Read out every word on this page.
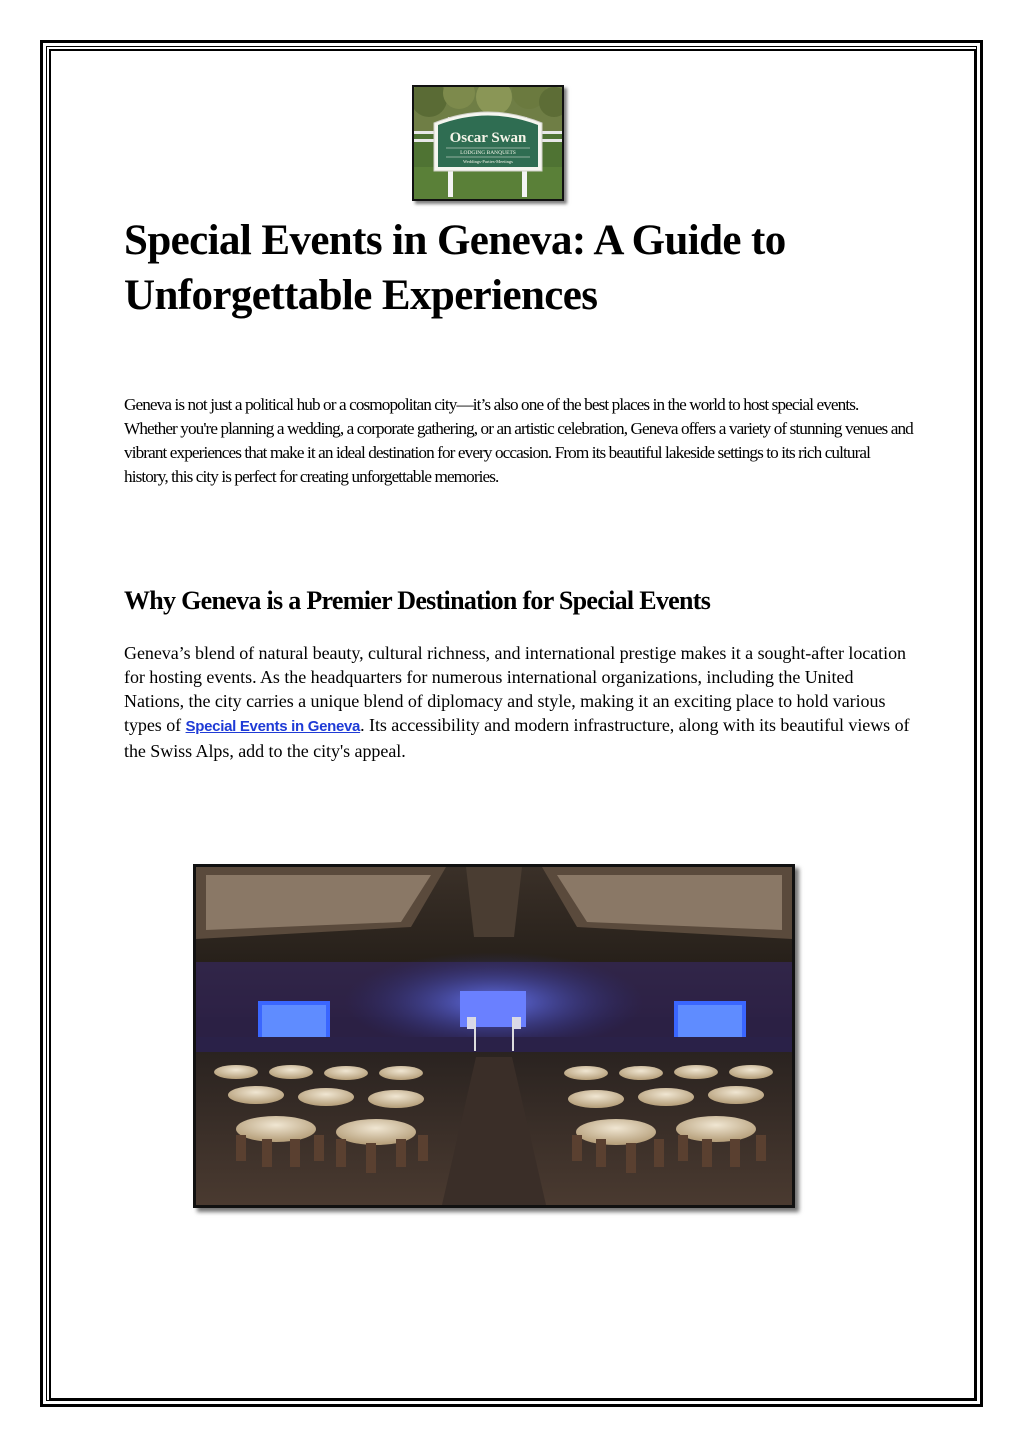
Oscar Swan
LODGING BANQUETS
Weddings-Parties-Meetings
Special Events in Geneva: A Guide to Unforgettable Experiences

Geneva is not just a political hub or a cosmopolitan city—it’s also one of the best places in the world to host special events. Whether you're planning a wedding, a corporate gathering, or an artistic celebration, Geneva offers a variety of stunning venues and vibrant experiences that make it an ideal destination for every occasion. From its beautiful lakeside settings to its rich cultural history, this city is perfect for creating unforgettable memories.

Why Geneva is a Premier Destination for Special Events

Geneva’s blend of natural beauty, cultural richness, and international prestige makes it a sought-after location for hosting events. As the headquarters for numerous international organizations, including the United Nations, the city carries a unique blend of diplomacy and style, making it an exciting place to hold various types of Special Events in Geneva. Its accessibility and modern infrastructure, along with its beautiful views of the Swiss Alps, add to the city's appeal.
